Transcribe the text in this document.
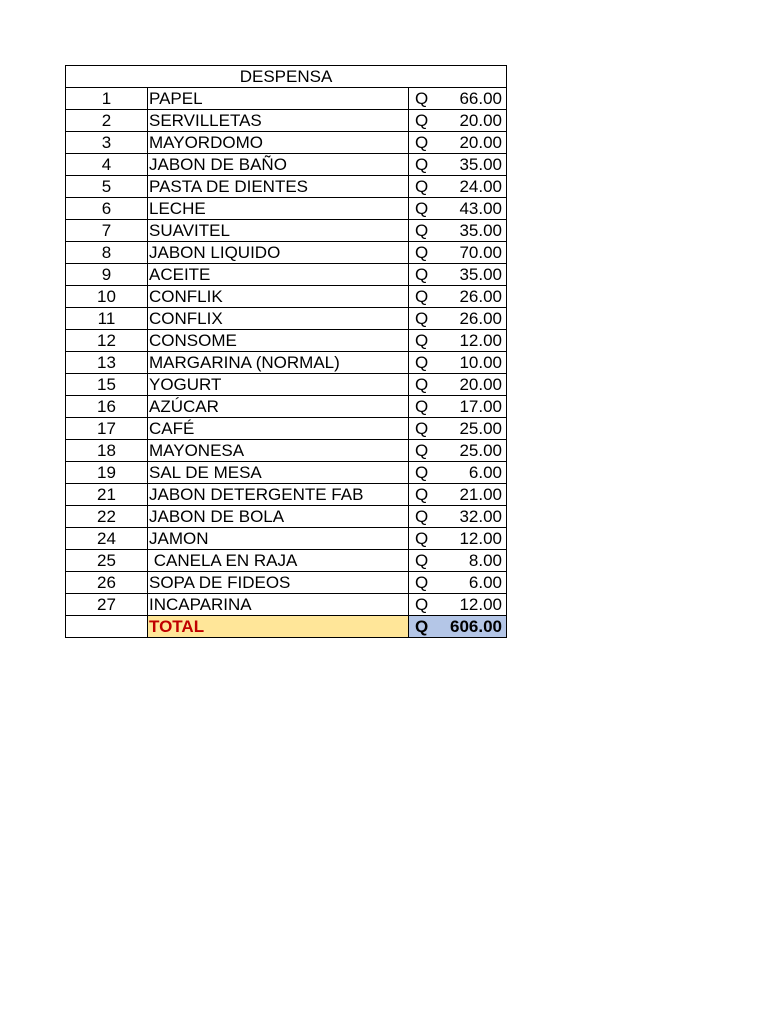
DESPENSA			
1	PAPEL	Q	66.00
2	SERVILLETAS	Q	20.00
3	MAYORDOMO	Q	20.00
4	JABON DE BAÑO	Q	35.00
5	PASTA DE DIENTES	Q	24.00
6	LECHE	Q	43.00
7	SUAVITEL	Q	35.00
8	JABON LIQUIDO	Q	70.00
9	ACEITE	Q	35.00
10	CONFLIK	Q	26.00
11	CONFLIX	Q	26.00
12	CONSOME	Q	12.00
13	MARGARINA (NORMAL)	Q	10.00
15	YOGURT	Q	20.00
16	AZÚCAR	Q	17.00
17	CAFÉ	Q	25.00
18	MAYONESA	Q	25.00
19	SAL DE MESA	Q	6.00
21	JABON DETERGENTE FAB	Q	21.00
22	JABON DE BOLA	Q	32.00
24	JAMON	Q	12.00
25	CANELA EN RAJA	Q	8.00
26	SOPA DE FIDEOS	Q	6.00
27	INCAPARINA	Q	12.00
	TOTAL	Q	606.00
